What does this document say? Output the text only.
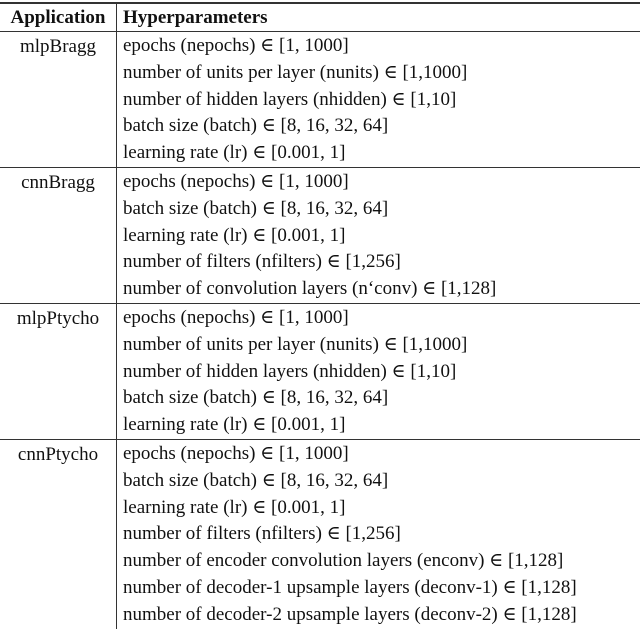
Application Hyperparameters
mlpBragg	epochs (nepochs) ∈ [1, 1000]
number of units per layer (nunits) ∈ [1,1000]
number of hidden layers (nhidden) ∈ [1,10]
batch size (batch) ∈ [8, 16, 32, 64]
learning rate (lr) ∈ [0.001, 1]
cnnBragg	epochs (nepochs) ∈ [1, 1000]
batch size (batch) ∈ [8, 16, 32, 64]
learning rate (lr) ∈ [0.001, 1]
number of filters (nfilters) ∈ [1,256]
number of convolution layers (n‘conv) ∈ [1,128]
mlpPtycho	epochs (nepochs) ∈ [1, 1000]
number of units per layer (nunits) ∈ [1,1000]
number of hidden layers (nhidden) ∈ [1,10]
batch size (batch) ∈ [8, 16, 32, 64]
learning rate (lr) ∈ [0.001, 1]
cnnPtycho	epochs (nepochs) ∈ [1, 1000]
batch size (batch) ∈ [8, 16, 32, 64]
learning rate (lr) ∈ [0.001, 1]
number of filters (nfilters) ∈ [1,256]
number of encoder convolution layers (enconv) ∈ [1,128]
number of decoder-1 upsample layers (deconv-1) ∈ [1,128]
number of decoder-2 upsample layers (deconv-2) ∈ [1,128]
